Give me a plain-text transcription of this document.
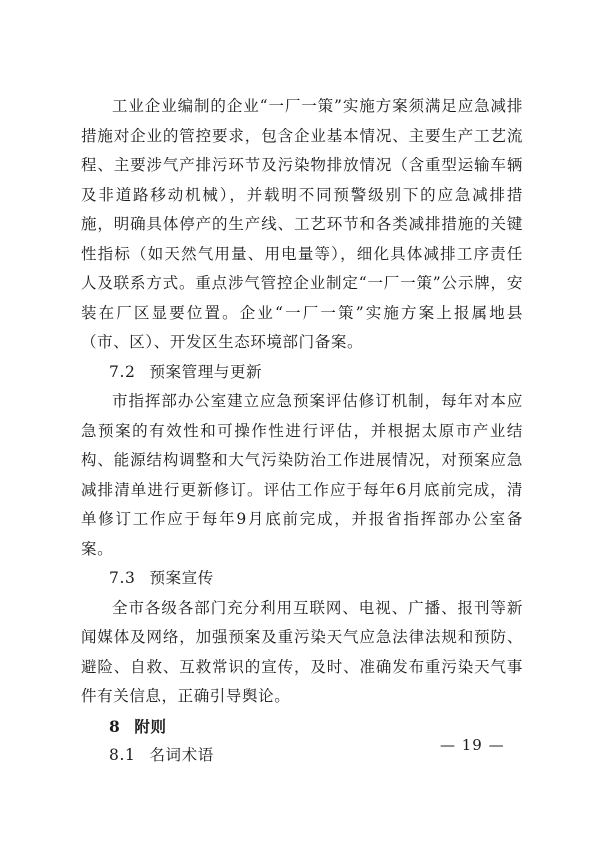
工业企业编制的企业“一厂一策”实施方案须满足应急减排措施对企业的管控要求，包含企业基本情况、主要生产工艺流程、主要涉气产排污环节及污染物排放情况（含重型运输车辆及非道路移动机械），并载明不同预警级别下的应急减排措施，明确具体停产的生产线、工艺环节和各类减排措施的关键性指标（如天然气用量、用电量等），细化具体减排工序责任人及联系方式。重点涉气管控企业制定“一厂一策”公示牌，安装在厂区显要位置。企业“一厂一策”实施方案上报属地县（市、区）、开发区生态环境部门备案。

7.2 预案管理与更新

市指挥部办公室建立应急预案评估修订机制，每年对本应急预案的有效性和可操作性进行评估，并根据太原市产业结构、能源结构调整和大气污染防治工作进展情况，对预案应急减排清单进行更新修订。评估工作应于每年6月底前完成，清单修订工作应于每年9月底前完成，并报省指挥部办公室备案。

7.3 预案宣传

全市各级各部门充分利用互联网、电视、广播、报刊等新闻媒体及网络，加强预案及重污染天气应急法律法规和预防、避险、自救、互救常识的宣传，及时、准确发布重污染天气事件有关信息，正确引导舆论。

8 附则

8.1 名词术语

— 19 —
